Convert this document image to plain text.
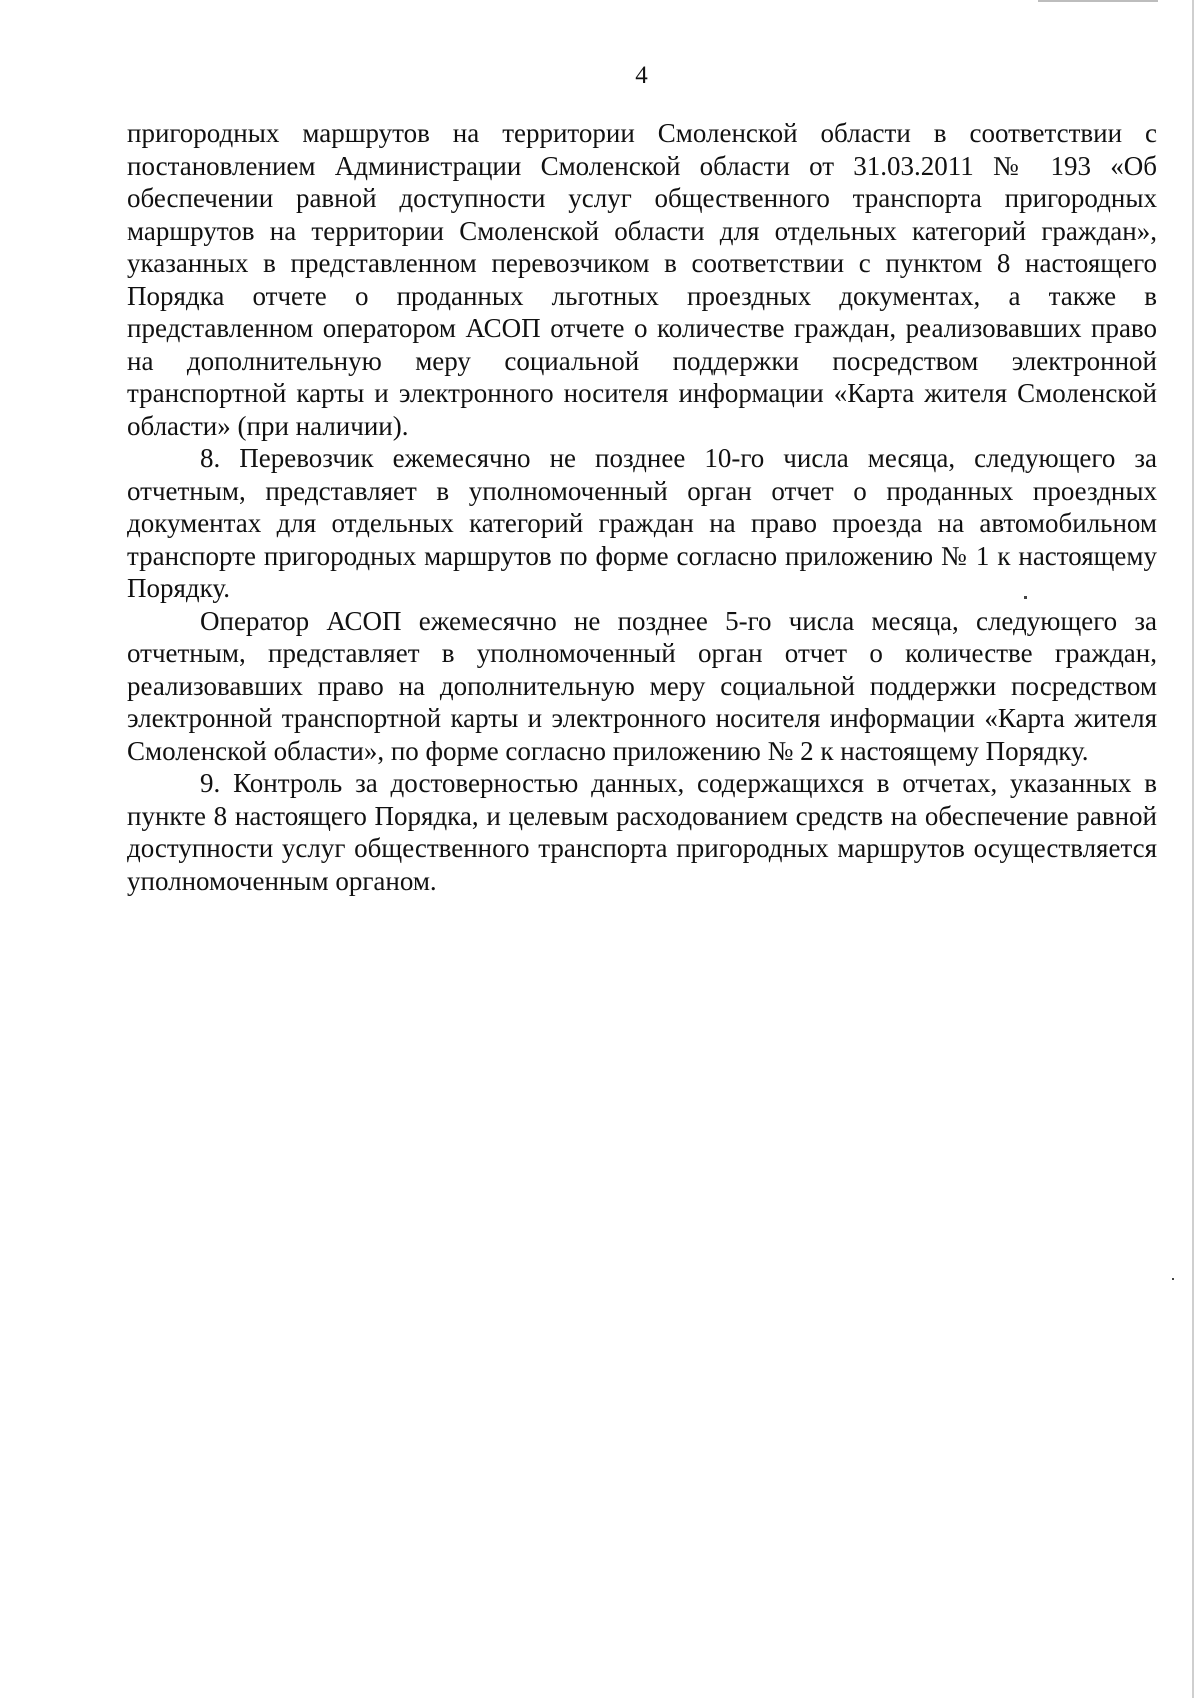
4

пригородных маршрутов на территории Смоленской области в соответствии с постановлением Администрации Смоленской области от 31.03.2011 № 193 «Об обеспечении равной доступности услуг общественного транспорта пригородных маршрутов на территории Смоленской области для отдельных категорий граждан», указанных в представленном перевозчиком в соответствии с пунктом 8 настоящего Порядка отчете о проданных льготных проездных документах, а также в представленном оператором АСОП отчете о количестве граждан, реализовавших право на дополнительную меру социальной поддержки посредством электронной транспортной карты и электронного носителя информации «Карта жителя Смоленской области» (при наличии).

8. Перевозчик ежемесячно не позднее 10-го числа месяца, следующего за отчетным, представляет в уполномоченный орган отчет о проданных проездных документах для отдельных категорий граждан на право проезда на автомобильном транспорте пригородных маршрутов по форме согласно приложению № 1 к настоящему Порядку.

Оператор АСОП ежемесячно не позднее 5-го числа месяца, следующего за отчетным, представляет в уполномоченный орган отчет о количестве граждан, реализовавших право на дополнительную меру социальной поддержки посредством электронной транспортной карты и электронного носителя информации «Карта жителя Смоленской области», по форме согласно приложению № 2 к настоящему Порядку.

9. Контроль за достоверностью данных, содержащихся в отчетах, указанных в пункте 8 настоящего Порядка, и целевым расходованием средств на обеспечение равной доступности услуг общественного транспорта пригородных маршрутов осуществляется уполномоченным органом.
